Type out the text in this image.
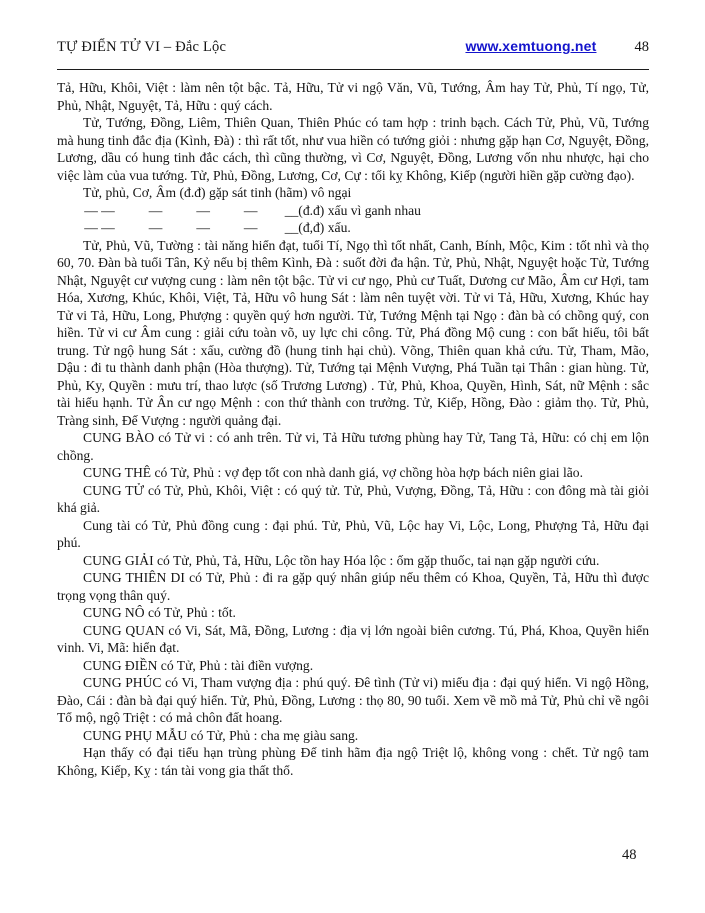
TỰ ĐIỂN TỬ VI – Đắc Lộc	www.xemtuong.net	48

Tả, Hữu, Khôi, Việt : làm nên tột bậc. Tả, Hữu, Tử vi ngộ Văn, Vũ, Tướng, Âm hay Tử, Phủ, Tí ngọ, Tử, Phủ, Nhật, Nguyệt, Tả, Hữu : quý cách.

Tử, Tướng, Đồng, Liêm, Thiên Quan, Thiên Phúc có tam hợp : trinh bạch. Cách Tử, Phủ, Vũ, Tướng mà hung tinh đắc địa (Kình, Đà) : thì rất tốt, như vua hiền có tướng giỏi : nhưng gặp hạn Cơ, Nguyệt, Đồng, Lương, dầu có hung tinh đắc cách, thì cũng thường, vì Cơ, Nguyệt, Đồng, Lương vốn nhu nhược, hại cho việc làm của vua tướng. Tử, Phủ, Đồng, Lương, Cơ, Cự : tối kỵ Không, Kiếp (người hiền gặp cường đạo).

Tử, phủ, Cơ, Âm (đ.đ) gặp sát tinh (hãm) vô ngại

— —          —          —          —        __(đ.đ) xấu vì ganh nhau

— —          —          —          —        __(đ,đ) xấu.

Tử, Phủ, Vũ, Tường : tài năng hiển đạt, tuổi Tí, Ngọ thì tốt nhất, Canh, Bính, Mộc, Kim : tốt nhì và thọ 60, 70. Đàn bà tuổi Tân, Kỷ nếu bị thêm Kình, Đà : suốt đời đa hận. Tử, Phủ, Nhật, Nguyệt hoặc Tử, Tướng Nhật, Nguyệt cư vượng cung : làm nên tột bậc. Tử vi cư ngọ, Phủ cư Tuất, Dương cư Mão, Âm cư Hợi, tam Hóa, Xương, Khúc, Khôi, Việt, Tả, Hữu vô hung Sát : làm nên tuyệt vời. Tử vi Tả, Hữu, Xương, Khúc hay Tử vi Tả, Hữu, Long, Phượng : quyền quý hơn người. Tử, Tướng Mệnh tại Ngọ : đàn bà có chồng quý, con hiền. Tử vi cư Âm cung : giải cứu toàn võ, uy lực chi công. Tử, Phá đồng Mộ cung : con bất hiếu, tôi bất trung. Tử ngộ hung Sát : xấu, cường đồ (hung tinh hại chủ). Võng, Thiên quan khả cứu. Tử, Tham, Mão, Dậu : đi tu thành danh phận (Hòa thượng). Tử, Tướng tại Mệnh Vượng, Phá Tuần tại Thân : gian hùng. Tử, Phủ, Ky, Quyền : mưu trí, thao lược (số Trương Lương) . Tử, Phủ, Khoa, Quyền, Hình, Sát, nữ Mệnh : sắc tài hiếu hạnh. Tử Ân cư ngọ Mệnh : con thứ thành con trưởng. Tử, Kiếp, Hồng, Đào : giảm thọ. Tử, Phủ, Tràng sinh, Đế Vượng : người quảng đại.

CUNG BÀO có Tử vi : có anh trên. Tử vi, Tả Hữu tương phùng hay Tử, Tang Tả, Hữu: có chị em lộn chồng.

CUNG THÊ có Tử, Phủ : vợ đẹp tốt con nhà danh giá, vợ chồng hòa hợp bách niên giai lão.

CUNG TỬ có Tử, Phủ, Khôi, Việt : có quý tử. Tử, Phủ, Vượng, Đồng, Tả, Hữu : con đông mà tài giỏi khá giả.

Cung tài có Tử, Phủ đồng cung : đại phú. Tử, Phủ, Vũ, Lộc hay Vi, Lộc, Long, Phượng Tả, Hữu đại phú.

CUNG GIẢI có Tử, Phủ, Tả, Hữu, Lộc tồn hay Hóa lộc : ốm gặp thuốc, tai nạn gặp người cứu.

CUNG THIÊN DI có Tử, Phủ : đi ra gặp quý nhân giúp nếu thêm có Khoa, Quyền, Tả, Hữu thì được trọng vọng thân quý.

CUNG NÔ có Tử, Phủ : tốt.

CUNG QUAN có Vi, Sát, Mã, Đồng, Lương : địa vị lớn ngoài biên cương. Tú, Phá, Khoa, Quyền hiển vinh. Vi, Mã: hiển đạt.

CUNG ĐIỀN có Tử, Phủ : tài điền vượng.

CUNG PHÚC có Vi, Tham vượng địa : phú quý. Đê tình (Tử vi) miếu địa : đại quý hiển. Vi ngộ Hồng, Đào, Cái : đàn bà đại quý hiển. Tử, Phủ, Đồng, Lương : thọ 80, 90 tuổi. Xem về mồ mả Tử, Phủ chỉ về ngôi Tổ mộ, ngộ Triệt : có mả chôn đất hoang.

CUNG PHỤ MẪU có Tử, Phủ : cha mẹ giàu sang.

Hạn thấy có đại tiểu hạn trùng phùng Đế tinh hãm địa ngộ Triệt lộ, không vong : chết. Tử ngộ tam Không, Kiếp, Kỵ : tán tài vong gia thất thổ.

48
